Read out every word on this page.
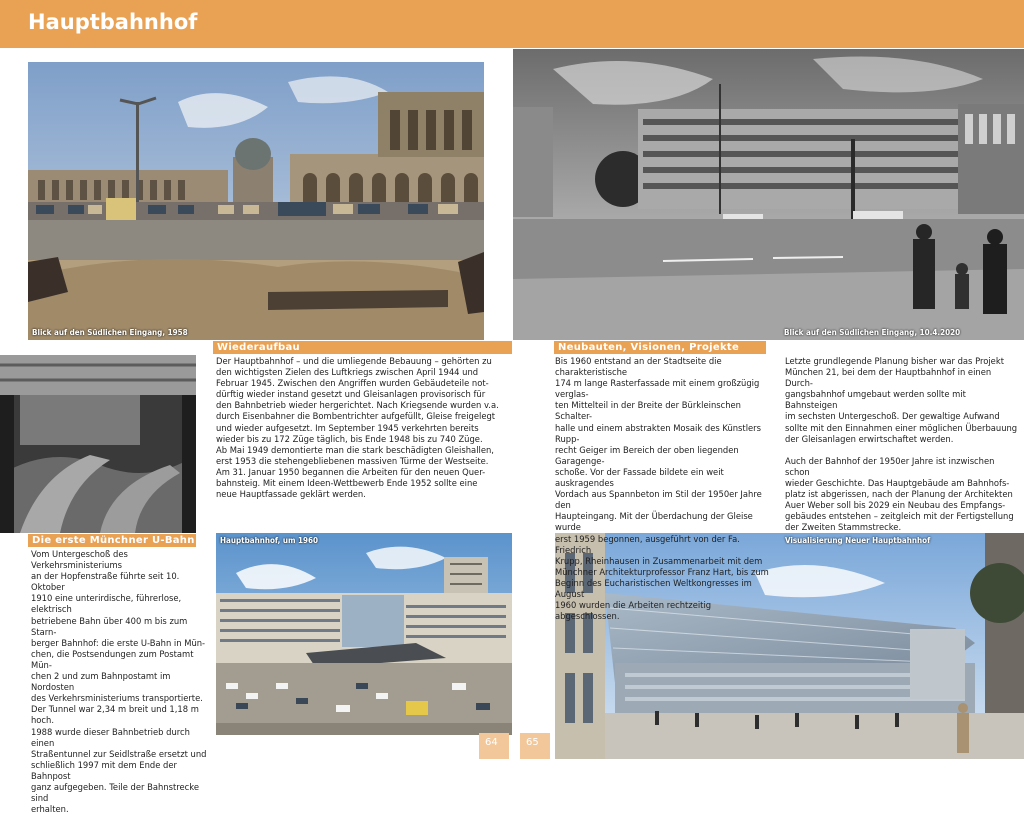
Hauptbahnhof
Blick auf den Südlichen Eingang, 1958	Blick auf den Südlichen Eingang, 10.4.2020
Hauptbahnhof, um 1960	Visualisierung Neuer Hauptbahnhof
Wiederaufbau

Der Hauptbahnhof – und die umliegende Bebauung – gehörten zu

den wichtigsten Zielen des Luftkriegs zwischen April 1944 und

Februar 1945. Zwischen den Angriffen wurden Gebäudeteile not-

dürftig wieder instand gesetzt und Gleisanlagen provisorisch für

den Bahnbetrieb wieder hergerichtet. Nach Kriegsende wurden v.a.

durch Eisenbahner die Bombentrichter aufgefüllt, Gleise freigelegt

und wieder aufgesetzt. Im September 1945 verkehrten bereits

wieder bis zu 172 Züge täglich, bis Ende 1948 bis zu 740 Züge.

Ab Mai 1949 demontierte man die stark beschädigten Gleishallen,

erst 1953 die stehengebliebenen massiven Türme der Westseite.

Am 31. Januar 1950 begannen die Arbeiten für den neuen Quer-

bahnsteig. Mit einem Ideen-Wettbewerb Ende 1952 sollte eine

neue Hauptfassade geklärt werden.

Die erste Münchner U-Bahn

Vom Untergeschoß des Verkehrsministeriums

an der Hopfenstraße führte seit 10. Oktober

1910 eine unterirdische, führerlose, elektrisch

betriebene Bahn über 400 m bis zum Starn-

berger Bahnhof: die erste U-Bahn in Mün-

chen, die Postsendungen zum Postamt Mün-

chen 2 und zum Bahnpostamt im Nordosten

des Verkehrsministeriums transportierte.

Der Tunnel war 2,34 m breit und 1,18 m hoch.

1988 wurde dieser Bahnbetrieb durch einen

Straßentunnel zur Seidlstraße ersetzt und

schließlich 1997 mit dem Ende der Bahnpost

ganz aufgegeben. Teile der Bahnstrecke sind

erhalten.

Neubauten, Visionen, Projekte

Bis 1960 entstand an der Stadtseite die charakteristische

174 m lange Rasterfassade mit einem großzügig verglas-

ten Mittelteil in der Breite der Bürkleinschen Schalter-

halle und einem abstrakten Mosaik des Künstlers Rupp-

recht Geiger im Bereich der oben liegenden Garagenge-

schoße. Vor der Fassade bildete ein weit auskragendes

Vordach aus Spannbeton im Stil der 1950er Jahre den

Haupteingang. Mit der Überdachung der Gleise wurde

erst 1959 begonnen, ausgeführt von der Fa. Friedrich

Krupp, Rheinhausen in Zusammenarbeit mit dem

Münchner Architekturprofessor Franz Hart, bis zum

Beginn des Eucharistischen Weltkongresses im August

1960 wurden die Arbeiten rechtzeitig abgeschlossen.

Letzte grundlegende Planung bisher war das Projekt

München 21, bei dem der Hauptbahnhof in einen Durch-

gangsbahnhof umgebaut werden sollte mit Bahnsteigen

im sechsten Untergeschoß. Der gewaltige Aufwand

sollte mit den Einnahmen einer möglichen Überbauung

der Gleisanlagen erwirtschaftet werden.

Auch der Bahnhof der 1950er Jahre ist inzwischen schon

wieder Geschichte. Das Hauptgebäude am Bahnhofs-

platz ist abgerissen, nach der Planung der Architekten

Auer Weber soll bis 2029 ein Neubau des Empfangs-

gebäudes entstehen – zeitgleich mit der Fertigstellung

der Zweiten Stammstrecke.

64	65
